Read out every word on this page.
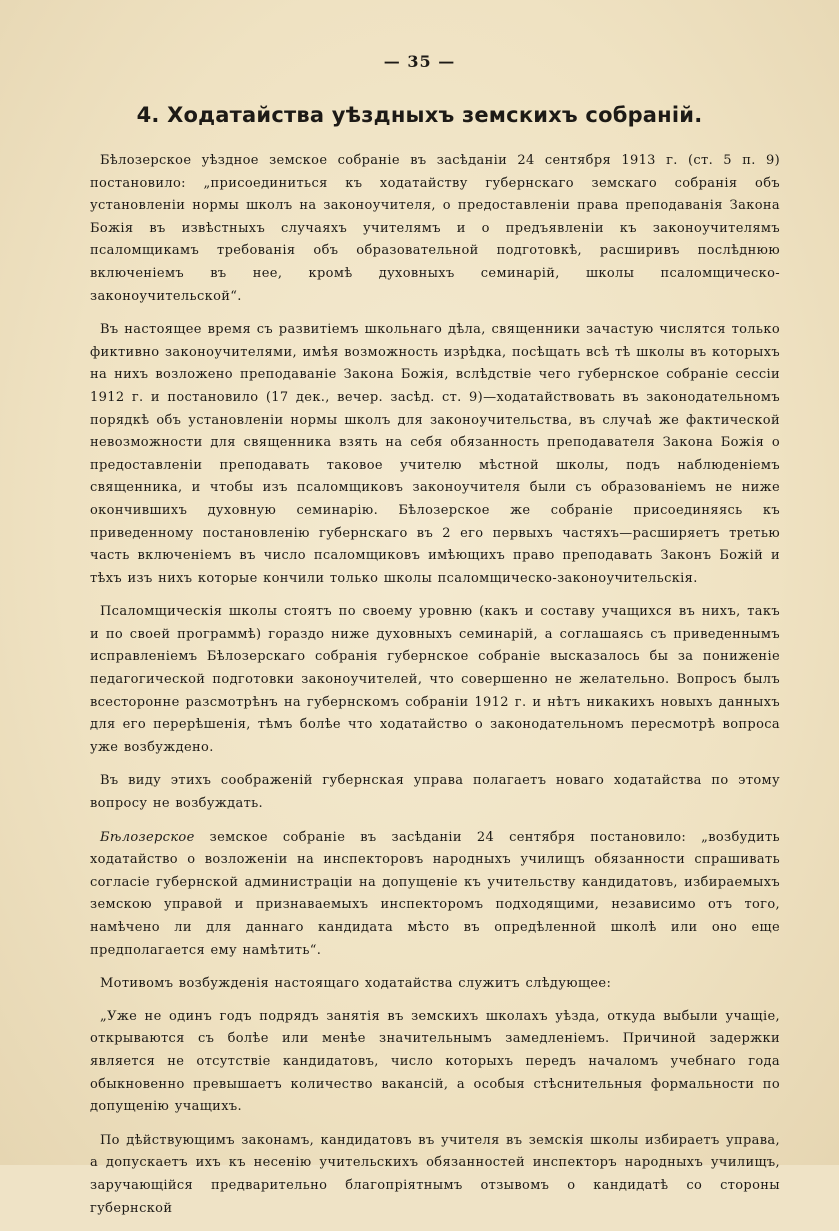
— 35 —
4. Ходатайства уѣздныхъ земскихъ собраній.

Бѣлозерское уѣздное земское собраніе въ засѣданіи 24 сентября 1913 г. (ст. 5 п. 9) постановило: „присоединиться къ ходатайству губернскаго земскаго собранія объ установленіи нормы школъ на законоучителя, о предоставленіи права преподаванія Закона Божія въ извѣстныхъ случаяхъ учителямъ и о предъявленіи къ законоучителямъ псаломщикамъ требованія объ образовательной подготовкѣ, расширивъ послѣднюю включеніемъ въ нее, кромѣ духовныхъ семинарій, школы псаломщическо-законоучительской“.

Въ настоящее время съ развитіемъ школьнаго дѣла, священники зачастую числятся только фиктивно законоучителями, имѣя возможность изрѣдка, посѣщать всѣ тѣ школы въ которыхъ на нихъ возложено преподаваніе Закона Божія, вслѣдствіе чего губернское собраніе сессіи 1912 г. и постановило (17 дек., вечер. засѣд. ст. 9)—ходатайствовать въ законодательномъ порядкѣ объ установленіи нормы школъ для законоучительства, въ случаѣ же фактической невозможности для священника взять на себя обязанность преподавателя Закона Божія о предоставленіи преподавать таковое учителю мѣстной школы, подъ наблюденіемъ священника, и чтобы изъ псаломщиковъ законоучителя были съ образованіемъ не ниже окончившихъ духовную семинарію. Бѣлозерское же собраніе присоединяясь къ приведенному постановленію губернскаго въ 2 его первыхъ частяхъ—расширяетъ третью часть включеніемъ въ число псаломщиковъ имѣющихъ право преподавать Законъ Божій и тѣхъ изъ нихъ которые кончили только школы псаломщическо-законоучительскія.

Псаломщическія школы стоятъ по своему уровню (какъ и составу учащихся въ нихъ, такъ и по своей программѣ) гораздо ниже духовныхъ семинарій, а соглашаясь съ приведеннымъ исправленіемъ Бѣлозерскаго собранія губернское собраніе высказалось бы за пониженіе педагогической подготовки законоучителей, что совершенно не желательно. Вопросъ былъ всесторонне разсмотрѣнъ на губернскомъ собраніи 1912 г. и нѣтъ никакихъ новыхъ данныхъ для его перерѣшенія, тѣмъ болѣе что ходатайство о законодательномъ пересмотрѣ вопроса уже возбуждено.

Въ виду этихъ соображеній губернская управа полагаетъ новаго ходатайства по этому вопросу не возбуждать.

Бѣлозерское земское собраніе въ засѣданіи 24 сентября постановило: „возбудить ходатайство о возложеніи на инспекторовъ народныхъ училищъ обязанности спрашивать согласіе губернской администраціи на допущеніе къ учительству кандидатовъ, избираемыхъ земскою управой и признаваемыхъ инспекторомъ подходящими, независимо отъ того, намѣчено ли для даннаго кандидата мѣсто въ опредѣленной школѣ или оно еще предполагается ему намѣтить“.

Мотивомъ возбужденія настоящаго ходатайства служитъ слѣдующее:

„Уже не одинъ годъ подрядъ занятія въ земскихъ школахъ уѣзда, откуда выбыли учащіе, открываются съ болѣе или менѣе значительнымъ замедленіемъ. Причиной задержки является не отсутствіе кандидатовъ, число которыхъ передъ началомъ учебнаго года обыкновенно превышаетъ количество вакансій, а особыя стѣснительныя формальности по допущенію учащихъ.

По дѣйствующимъ законамъ, кандидатовъ въ учителя въ земскія школы избираетъ управа, а допускаетъ ихъ къ несенію учительскихъ обязанностей инспекторъ народныхъ училищъ, заручающійся предварительно благопріятнымъ отзывомъ о кандидатѣ со стороны губернской
